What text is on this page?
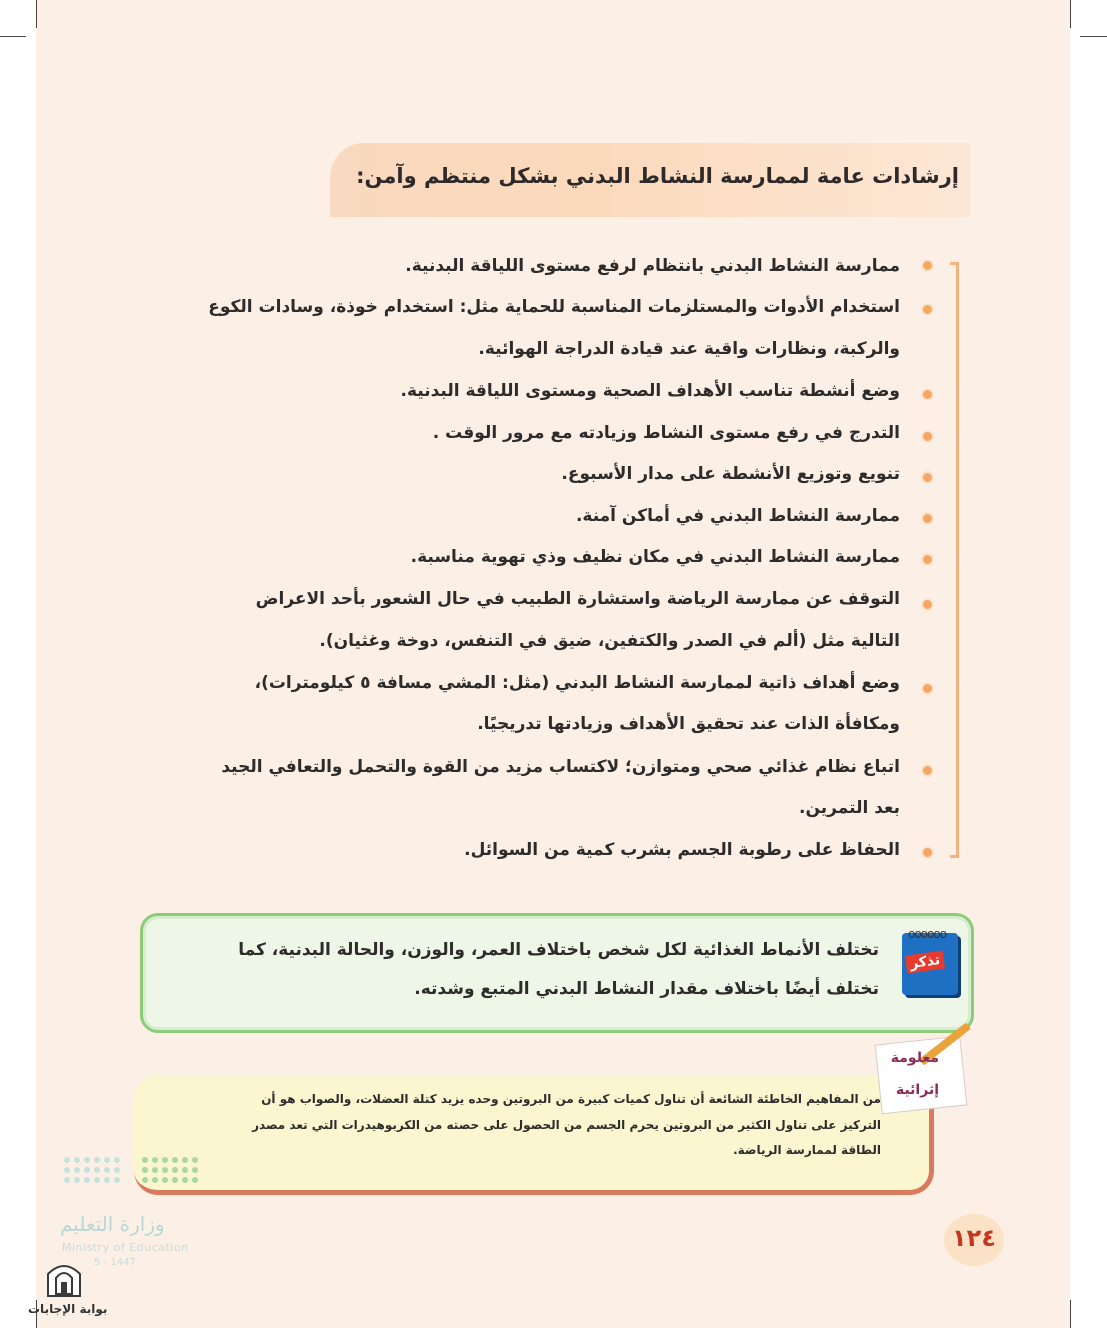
إرشادات عامة لممارسة النشاط البدني بشكل منتظم وآمن:
ممارسة النشاط البدني بانتظام لرفع مستوى اللياقة البدنية.
استخدام الأدوات والمستلزمات المناسبة للحماية مثل: استخدام خوذة، وسادات الكوع
والركبة، ونظارات واقية عند قيادة الدراجة الهوائية.
وضع أنشطة تناسب الأهداف الصحية ومستوى اللياقة البدنية.
التدرج في رفع مستوى النشاط وزيادته مع مرور الوقت .
تنويع وتوزيع الأنشطة على مدار الأسبوع.
ممارسة النشاط البدني في أماكن آمنة.
ممارسة النشاط البدني في مكان نظيف وذي تهوية مناسبة.
التوقف عن ممارسة الرياضة واستشارة الطبيب في حال الشعور بأحد الاعراض
التالية مثل (ألم في الصدر والكتفين، ضيق في التنفس، دوخة وغثيان).
وضع أهداف ذاتية لممارسة النشاط البدني (مثل: المشي مسافة ٥ كيلومترات)،
ومكافأة الذات عند تحقيق الأهداف وزيادتها تدريجيًا.
اتباع نظام غذائي صحي ومتوازن؛ لاكتساب مزيد من القوة والتحمل والتعافي الجيد
بعد التمرين.
الحفاظ على رطوبة الجسم بشرب كمية من السوائل.
oooooo
تذكر
تختلف الأنماط الغذائية لكل شخص باختلاف العمر، والوزن، والحالة البدنية، كما
تختلف أيضًا باختلاف مقدار النشاط البدني المتبع وشدته.
معلومة
إثرائية
من المفاهيم الخاطئة الشائعة أن تناول كميات كبيرة من البروتين وحده يزيد كتلة العضلات، والصواب هو أن
التركيز على تناول الكثير من البروتين يحرم الجسم من الحصول على حصته من الكربوهيدرات التي تعد مصدر
الطاقة لممارسة الرياضة.
١٢٤
وزارة التعليم
Ministry of Education
5 - 1447
بوابة الإجابات
